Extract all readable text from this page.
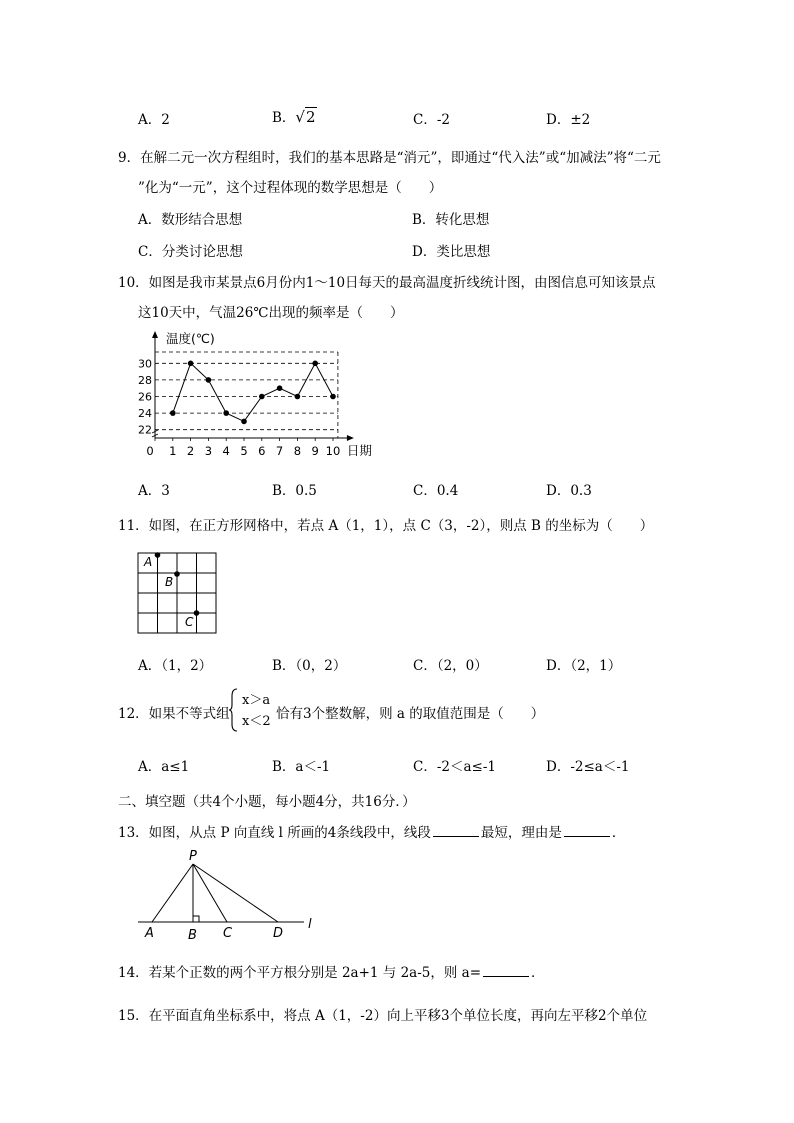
A．2	B．√2	C．-2	D．±2
9．在解二元一次方程组时，我们的基本思路是“消元”，即通过“代入法”或“加减法”将“二元
”化为“一元”，这个过程体现的数学思想是（　　）
A．数形结合思想	B．转化思想
C．分类讨论思想	D．类比思想
10．如图是我市某景点6月份内1～10日每天的最高温度折线统计图，由图信息可知该景点
这10天中，气温26℃出现的频率是（　　）
22
24
26
28
30
0 1 2 3 4 5 6 7 8 9 10
温度(℃)
日期
A．3	B．0.5	C．0.4	D．0.3
11．如图，在正方形网格中，若点 A（1，1），点 C（3，-2），则点 B 的坐标为（　　）
A
B
C
A．（1，2）	B．（0，2）	C．（2，0）	D．（2，1）
12．如果不等式组
x＞a
x＜2 恰有3个整数解，则 a 的取值范围是（　　）
A．a≤1	B．a＜-1	C．-2＜a≤-1	D．-2≤a＜-1
二、填空题（共4个小题，每小题4分，共16分．）
13．如图，从点 P 向直线 l 所画的4条线段中，线段	最短，理由是	．
P
A	B C	D
l
14．若某个正数的两个平方根分别是 2a+1 与 2a-5，则 a=	．
15．在平面直角坐标系中，将点 A（1，-2）向上平移3个单位长度，再向左平移2个单位
